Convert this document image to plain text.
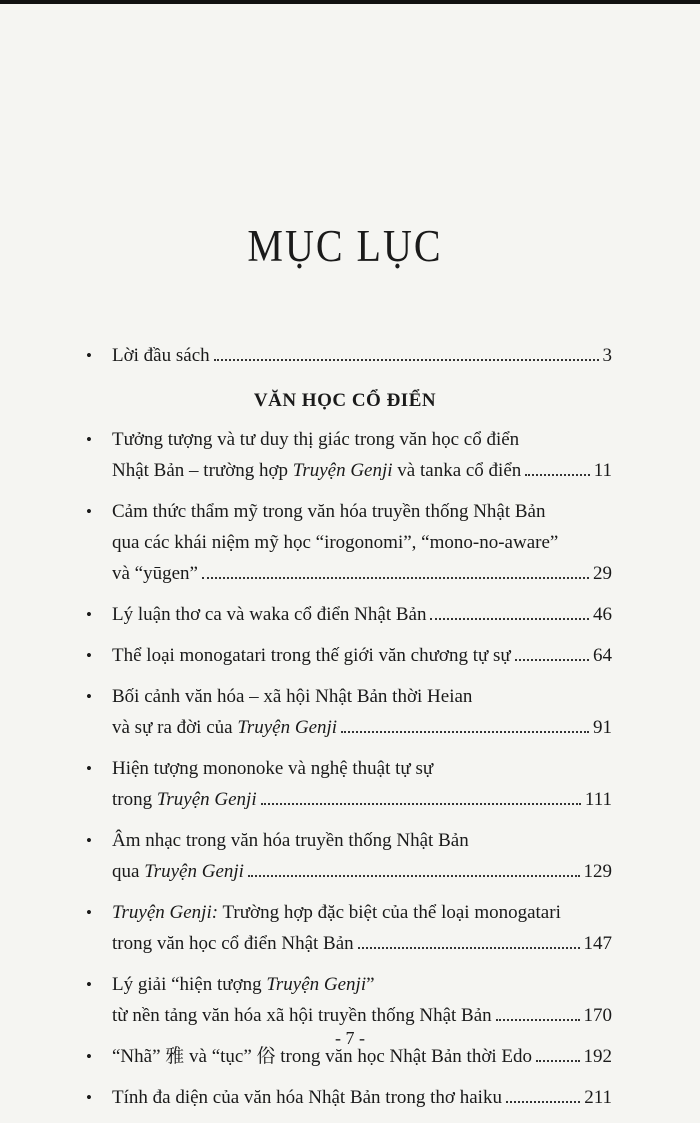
MỤC LỤC
• Lời đầu sách	3
VĂN HỌC CỔ ĐIỂN
• Tưởng tượng và tư duy thị giác trong văn học cổ điển
Nhật Bản – trường hợp Truyện Genji và tanka cổ điển	11
• Cảm thức thẩm mỹ trong văn hóa truyền thống Nhật Bản
qua các khái niệm mỹ học “irogonomi”, “mono-no-aware”
và “yūgen”	29
• Lý luận thơ ca và waka cổ điển Nhật Bản	46
• Thể loại monogatari trong thế giới văn chương tự sự	64
• Bối cảnh văn hóa – xã hội Nhật Bản thời Heian
và sự ra đời của Truyện Genji	91
• Hiện tượng mononoke và nghệ thuật tự sự
trong Truyện Genji	111
• Âm nhạc trong văn hóa truyền thống Nhật Bản
qua Truyện Genji	129
• Truyện Genji: Trường hợp đặc biệt của thể loại monogatari
trong văn học cổ điển Nhật Bản	147
• Lý giải “hiện tượng Truyện Genji”
từ nền tảng văn hóa xã hội truyền thống Nhật Bản	170
• “Nhã” 雅 và “tục” 俗 trong văn học Nhật Bản thời Edo	192
• Tính đa diện của văn hóa Nhật Bản trong thơ haiku	211
- 7 -
